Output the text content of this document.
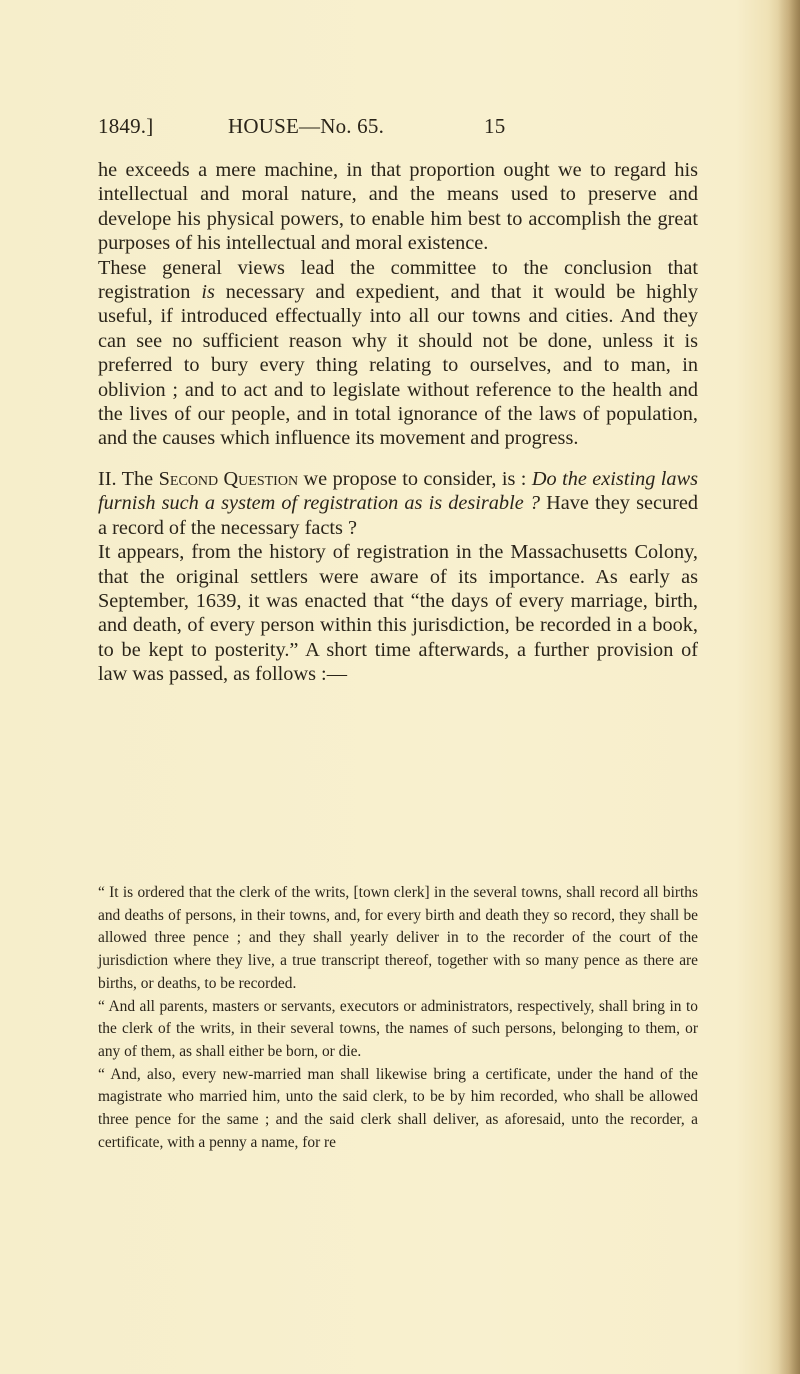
1849.]	HOUSE—No. 65.	15

he exceeds a mere machine, in that proportion ought we to regard his intellectual and moral nature, and the means used to preserve and develope his physical powers, to enable him best to accomplish the great purposes of his intellectual and moral existence.

These general views lead the committee to the conclusion that registration is necessary and expedient, and that it would be highly useful, if introduced effectually into all our towns and cities. And they can see no sufficient reason why it should not be done, unless it is preferred to bury every thing relating to ourselves, and to man, in oblivion ; and to act and to legislate without reference to the health and the lives of our people, and in total ignorance of the laws of population, and the causes which influence its movement and progress.

II. The Second Question we propose to consider, is : Do the existing laws furnish such a system of registration as is desirable ? Have they secured a record of the necessary facts ?

It appears, from the history of registration in the Massachusetts Colony, that the original settlers were aware of its importance. As early as September, 1639, it was enacted that “the days of every marriage, birth, and death, of every person within this jurisdiction, be recorded in a book, to be kept to posterity.” A short time afterwards, a further provision of law was passed, as follows :—

“ It is ordered that the clerk of the writs, [town clerk] in the several towns, shall record all births and deaths of persons, in their towns, and, for every birth and death they so record, they shall be allowed three pence ; and they shall yearly deliver in to the recorder of the court of the jurisdiction where they live, a true transcript thereof, together with so many pence as there are births, or deaths, to be recorded.

“ And all parents, masters or servants, executors or administrators, respectively, shall bring in to the clerk of the writs, in their several towns, the names of such persons, belonging to them, or any of them, as shall either be born, or die.

“ And, also, every new-married man shall likewise bring a certificate, under the hand of the magistrate who married him, unto the said clerk, to be by him recorded, who shall be allowed three pence for the same ; and the said clerk shall deliver, as aforesaid, unto the recorder, a certificate, with a penny a name, for re
